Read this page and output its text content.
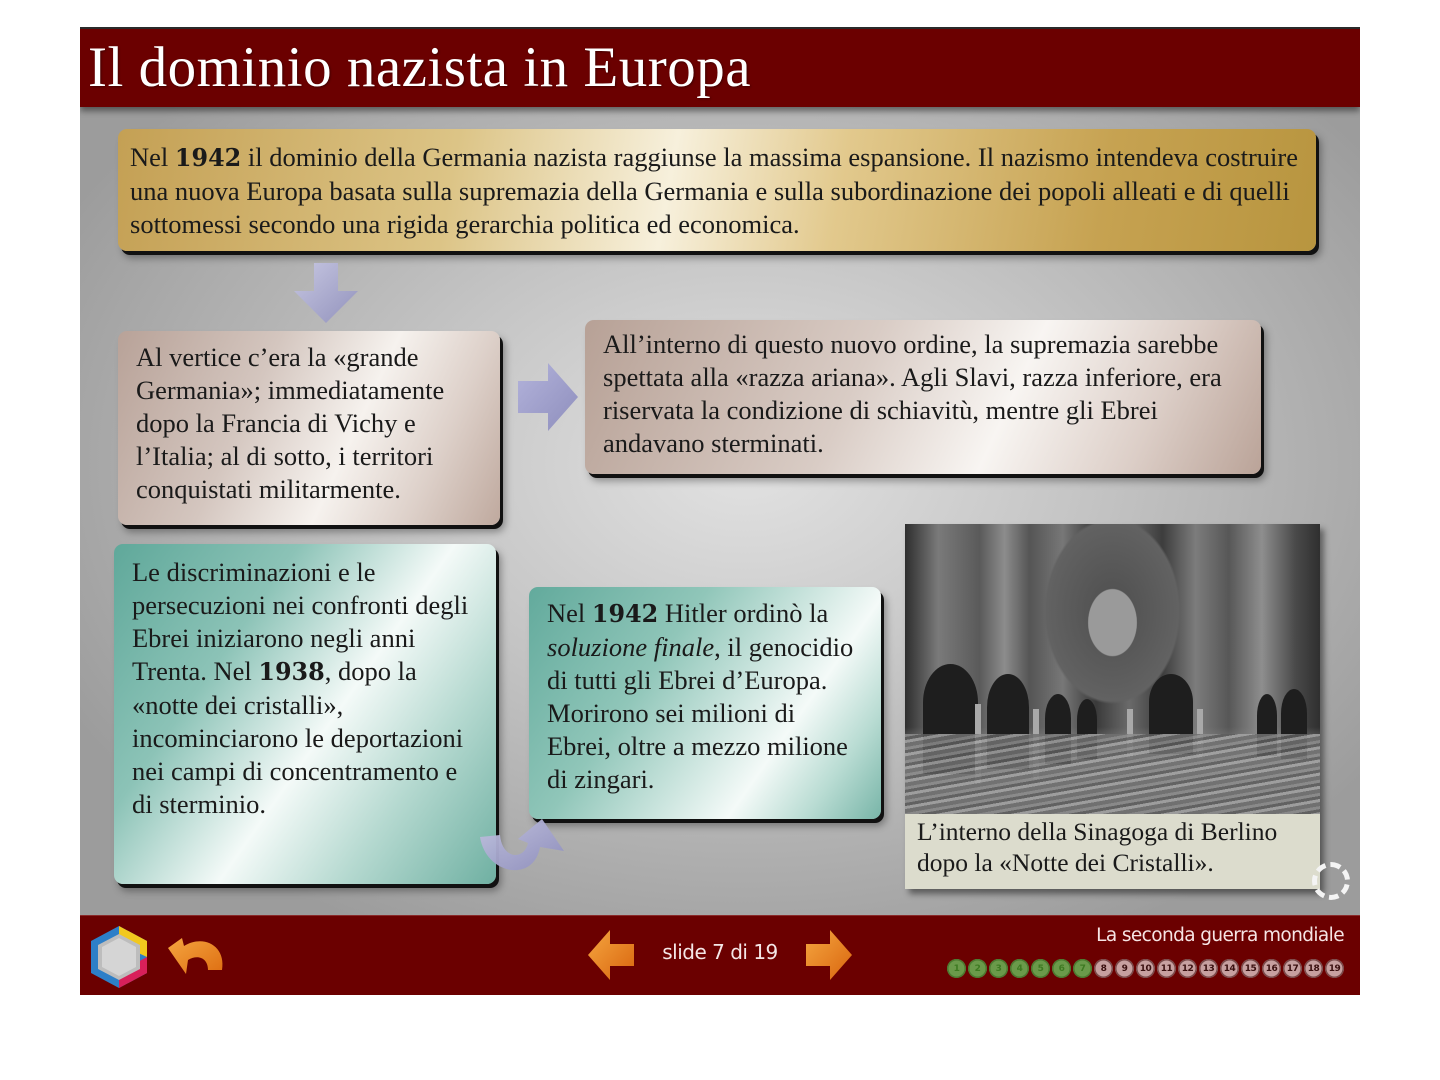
Il dominio nazista in Europa
Nel 1942 il dominio della Germania nazista raggiunse la massima espansione. Il nazismo intendeva costruire una nuova Europa basata sulla supremazia della Germania e sulla subordinazione dei popoli alleati e di quelli sottomessi secondo una rigida gerarchia politica ed economica.
Al vertice c’era la «grande Germania»; immediatamente dopo la Francia di Vichy e l’Italia; al di sotto, i territori conquistati militarmente.
All’interno di questo nuovo ordine, la supremazia sarebbe spettata alla «razza ariana». Agli Slavi, razza inferiore, era riservata la condizione di schiavitù, mentre gli Ebrei andavano sterminati.
Le discriminazioni e le persecuzioni nei confronti degli Ebrei iniziarono negli anni Trenta. Nel 1938, dopo la «notte dei cristalli», incominciarono le deportazioni nei campi di concentramento e di sterminio.
Nel 1942 Hitler ordinò la soluzione finale, il genocidio di tutti gli Ebrei d’Europa. Morirono sei milioni di Ebrei, oltre a mezzo milione di zingari.
L’interno della Sinagoga di Berlino dopo la «Notte dei Cristalli».
slide 7 di 19
La seconda guerra mondiale
1	2	3	4	5	6	7	8	9	10	11	12	13	14	15	16	17	18	19
